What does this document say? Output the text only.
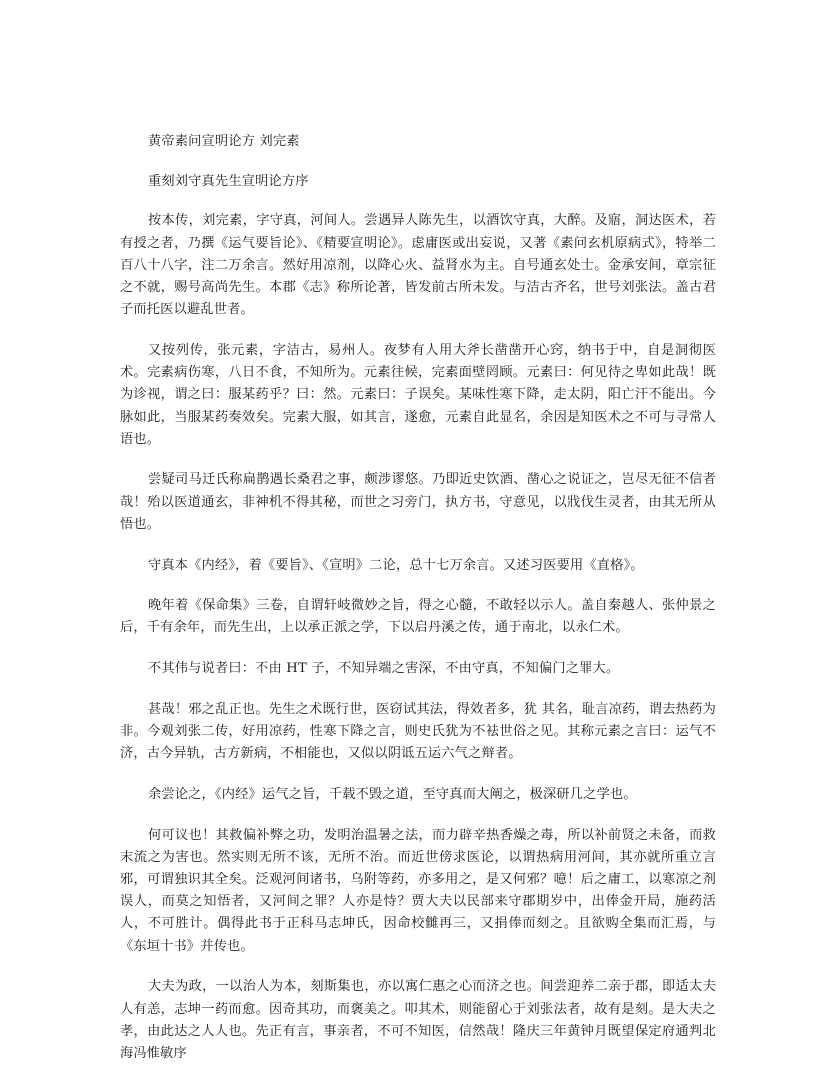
黄帝素问宣明论方 刘完素

重刻刘守真先生宣明论方序

按本传，刘完素，字守真，河间人。尝遇异人陈先生，以酒饮守真，大醉。及寤，洞达医术，若有授之者，乃撰《运气要旨论》、《精要宣明论》。虑庸医或出妄说，又著《素问玄机原病式》，特举二百八十八字，注二万余言。然好用凉剂，以降心火、益肾水为主。自号通玄处士。金承安间，章宗征之不就，赐号高尚先生。本郡《志》称所论著，皆发前古所未发。与洁古齐名，世号刘张法。盖古君子而托医以避乱世者。

又按列传，张元素，字洁古，易州人。夜梦有人用大斧长凿凿开心窍，纳书于中，自是洞彻医术。完素病伤寒，八日不食，不知所为。元素往候，完素面壁罔顾。元素曰：何见待之卑如此哉！既为诊视，谓之曰：服某药乎？曰：然。元素曰：子误矣。某味性寒下降，走太阴，阳亡汗不能出。今脉如此，当服某药奏效矣。完素大服，如其言，遂愈，元素自此显名，余因是知医术之不可与寻常人语也。

尝疑司马迁氏称扁鹊遇长桑君之事，颇涉谬悠。乃即近史饮酒、凿心之说证之，岂尽无征不信者哉！殆以医道通玄，非神机不得其秘，而世之习旁门，执方书，守意见，以戕伐生灵者，由其无所从悟也。

守真本《内经》，着《要旨》、《宣明》二论，总十七万余言。又述习医要用《直格》。

晚年着《保命集》三卷，自谓轩岐微妙之旨，得之心髓，不敢轻以示人。盖自秦越人、张仲景之后，千有余年，而先生出，上以承正派之学，下以启丹溪之传，通于南北，以永仁术。

不其伟与说者曰：不由 HT 子，不知异端之害深，不由守真，不知偏门之罪大。

甚哉！邪之乱正也。先生之术既行世，医窃试其法，得效者多，犹 其名，耻言凉药，谓去热药为非。今观刘张二传，好用凉药，性寒下降之言，则史氏犹为不袪世俗之见。其称元素之言曰：运气不济，古今异轨，古方新病，不相能也，又似以阴诋五运六气之辩者。

余尝论之，《内经》运气之旨，千载不毁之道，至守真而大阐之，极深研几之学也。

何可议也！其救偏补弊之功，发明治温暑之法，而力辟辛热香燥之毒，所以补前贤之未备，而救末流之为害也。然实则无所不该，无所不治。而近世傍求医论，以谓热病用河间，其亦就所重立言邪，可谓独识其全矣。泛观河间诸书，乌附等药，亦多用之，是又何邪？噫！后之庸工，以寒凉之剂误人，而莫之知悟者，又河间之罪？人亦是恃？贾大夫以民部来守郡期岁中，出俸金开局，施药活人，不可胜计。偶得此书于正科马志坤氏，因命校雠再三，又捐俸而刻之。且欲购全集而汇焉，与《东垣十书》并传也。

大夫为政，一以治人为本，刻斯集也，亦以寓仁惠之心而济之也。间尝迎养二亲于郡，即适太夫人有恙，志坤一药而愈。因奇其功，而褒美之。叩其术，则能留心于刘张法者，故有是刻。是大夫之孝，由此达之人人也。先正有言，事亲者，不可不知医，信然哉！隆庆三年黄钟月既望保定府通判北海冯惟敏序
